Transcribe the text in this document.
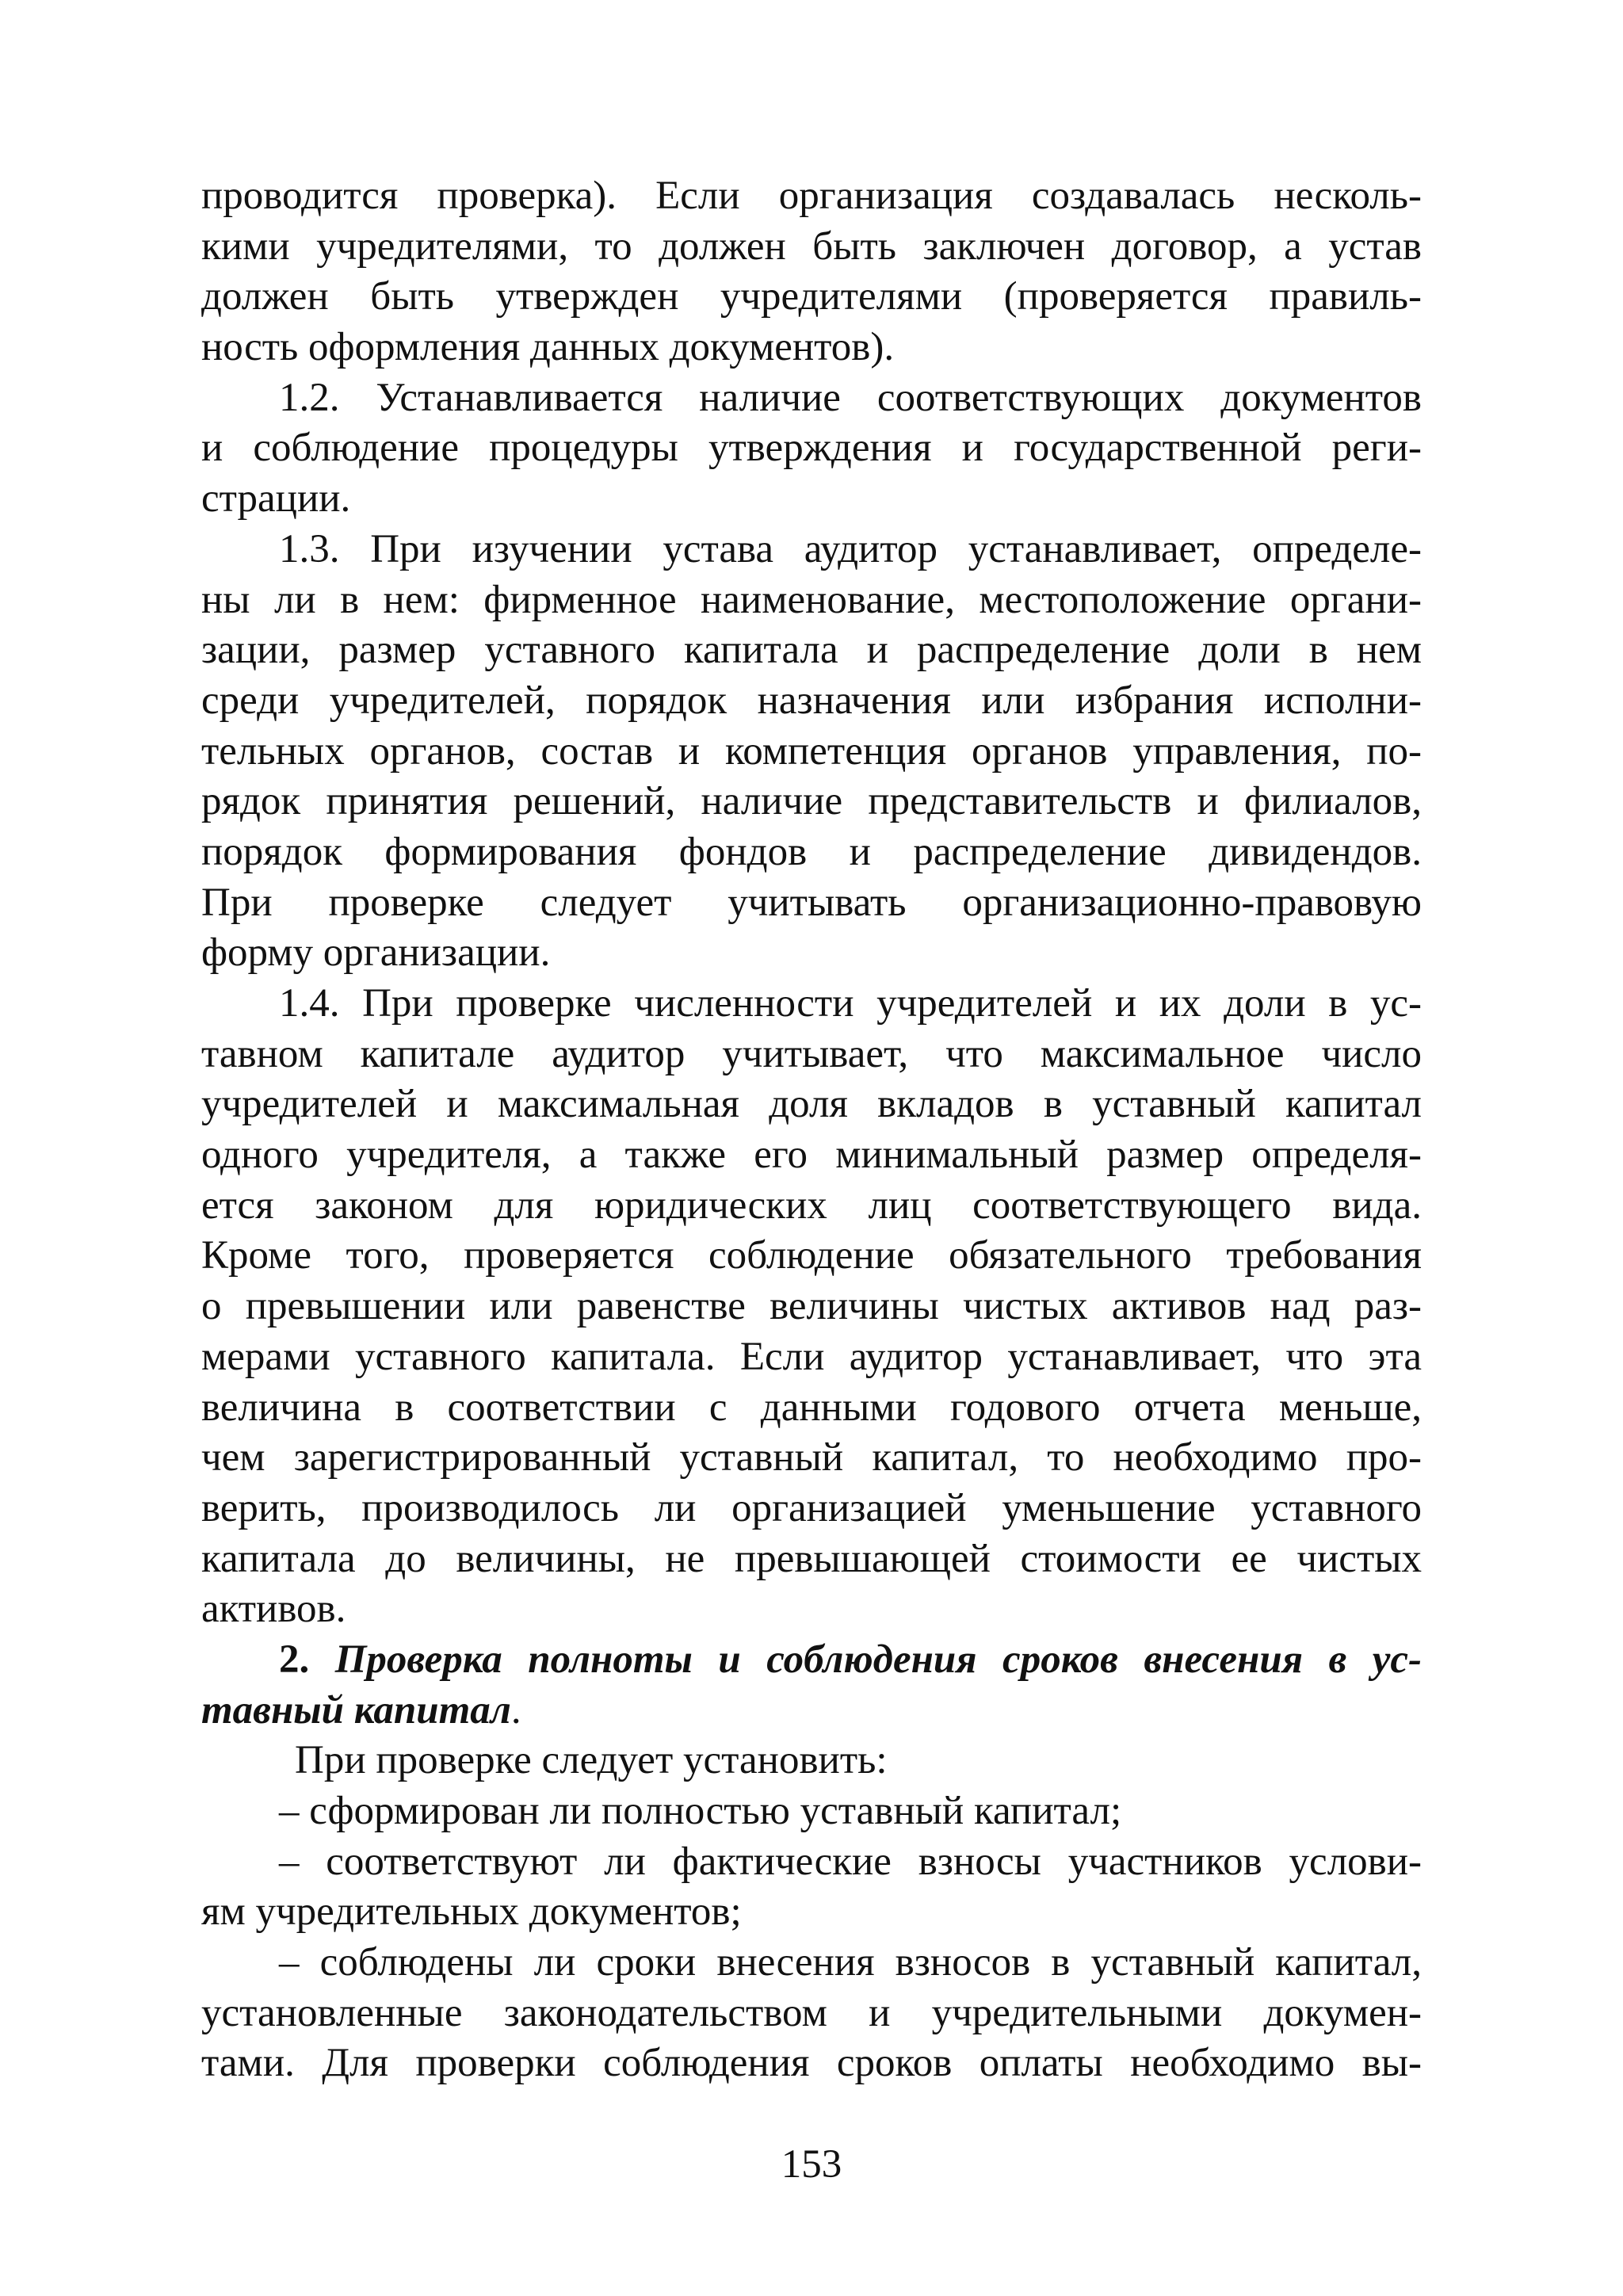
проводится проверка). Если организация создавалась несколь-
кими учредителями, то должен быть заключен договор, а устав
должен быть утвержден учредителями (проверяется правиль-
ность оформления данных документов).
1.2. Устанавливается наличие соответствующих документов
и соблюдение процедуры утверждения и государственной реги-
страции.
1.3. При изучении устава аудитор устанавливает, определе-
ны ли в нем: фирменное наименование, местоположение органи-
зации, размер уставного капитала и распределение доли в нем
среди учредителей, порядок назначения или избрания исполни-
тельных органов, состав и компетенция органов управления, по-
рядок принятия решений, наличие представительств и филиалов,
порядок формирования фондов и распределение дивидендов.
При проверке следует учитывать организационно-правовую
форму организации.
1.4. При проверке численности учредителей и их доли в ус-
тавном капитале аудитор учитывает, что максимальное число
учредителей и максимальная доля вкладов в уставный капитал
одного учредителя, а также его минимальный размер определя-
ется законом для юридических лиц соответствующего вида.
Кроме того, проверяется соблюдение обязательного требования
о превышении или равенстве величины чистых активов над раз-
мерами уставного капитала. Если аудитор устанавливает, что эта
величина в соответствии с данными годового отчета меньше,
чем зарегистрированный уставный капитал, то необходимо про-
верить, производилось ли организацией уменьшение уставного
капитала до величины, не превышающей стоимости ее чистых
активов.
2. Проверка полноты и соблюдения сроков внесения в ус-
тавный капитал.
При проверке следует установить:
– сформирован ли полностью уставный капитал;
– соответствуют ли фактические взносы участников услови-
ям учредительных документов;
– соблюдены ли сроки внесения взносов в уставный капитал,
установленные законодательством и учредительными докумен-
тами. Для проверки соблюдения сроков оплаты необходимо вы-
153
